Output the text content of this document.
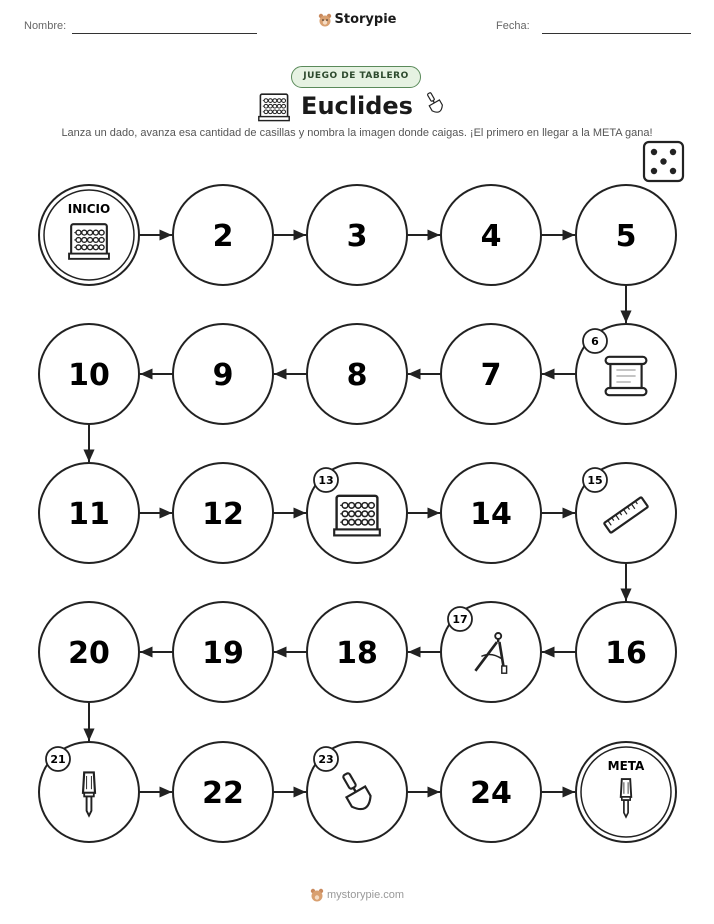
Nombre:	Storypie	Fecha:
JUEGO DE TABLERO
Euclides
Lanza un dado, avanza esa cantidad de casillas y nombra la imagen donde caigas. ¡El primero en llegar a la META gana!
INICIO
2	3	4	5
6
7
8
9
10
11	12
13
14
15
16
17
18
19
20
21
22
23
24
META
mystorypie.com
